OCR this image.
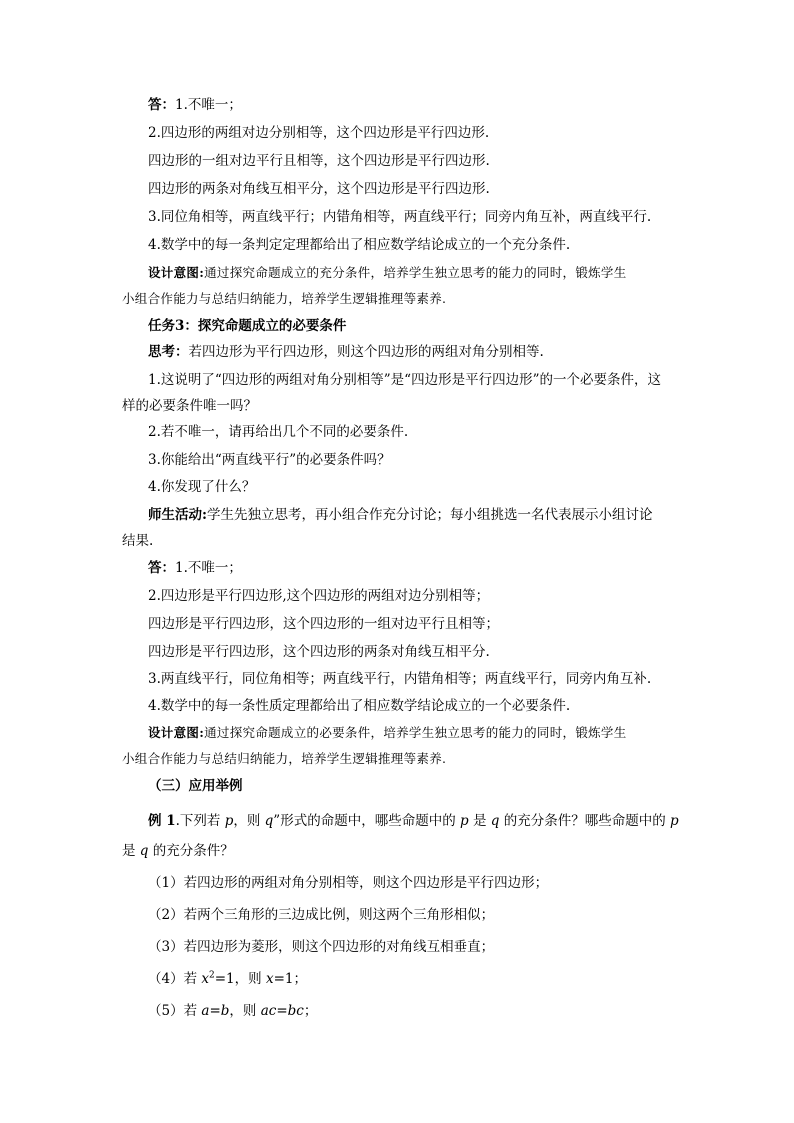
答：1.不唯一；
2.四边形的两组对边分别相等，这个四边形是平行四边形.
四边形的一组对边平行且相等，这个四边形是平行四边形.
四边形的两条对角线互相平分，这个四边形是平行四边形.
3.同位角相等，两直线平行；内错角相等，两直线平行；同旁内角互补，两直线平行.
4.数学中的每一条判定定理都给出了相应数学结论成立的一个充分条件.
设计意图:通过探究命题成立的充分条件，培养学生独立思考的能力的同时，锻炼学生
小组合作能力与总结归纳能力，培养学生逻辑推理等素养.
任务3：探究命题成立的必要条件
思考：若四边形为平行四边形，则这个四边形的两组对角分别相等.
1.这说明了“四边形的两组对角分别相等”是“四边形是平行四边形”的一个必要条件，这
样的必要条件唯一吗？
2.若不唯一，请再给出几个不同的必要条件.
3.你能给出“两直线平行”的必要条件吗？
4.你发现了什么？
师生活动:学生先独立思考，再小组合作充分讨论；每小组挑选一名代表展示小组讨论
结果.
答：1.不唯一；
2.四边形是平行四边形,这个四边形的两组对边分别相等；
四边形是平行四边形，这个四边形的一组对边平行且相等；
四边形是平行四边形，这个四边形的两条对角线互相平分.
3.两直线平行，同位角相等；两直线平行，内错角相等；两直线平行，同旁内角互补.
4.数学中的每一条性质定理都给出了相应数学结论成立的一个必要条件.
设计意图:通过探究命题成立的必要条件，培养学生独立思考的能力的同时，锻炼学生
小组合作能力与总结归纳能力，培养学生逻辑推理等素养.
（三）应用举例
例 1.下列若 p，则 q”形式的命题中，哪些命题中的 p 是 q 的充分条件？哪些命题中的 p
是 q 的充分条件？
（1）若四边形的两组对角分别相等，则这个四边形是平行四边形；
（2）若两个三角形的三边成比例，则这两个三角形相似；
（3）若四边形为菱形，则这个四边形的对角线互相垂直；
（4）若 $x^2=1$，则 x=1；
（5）若 a=b，则 ac=bc；
